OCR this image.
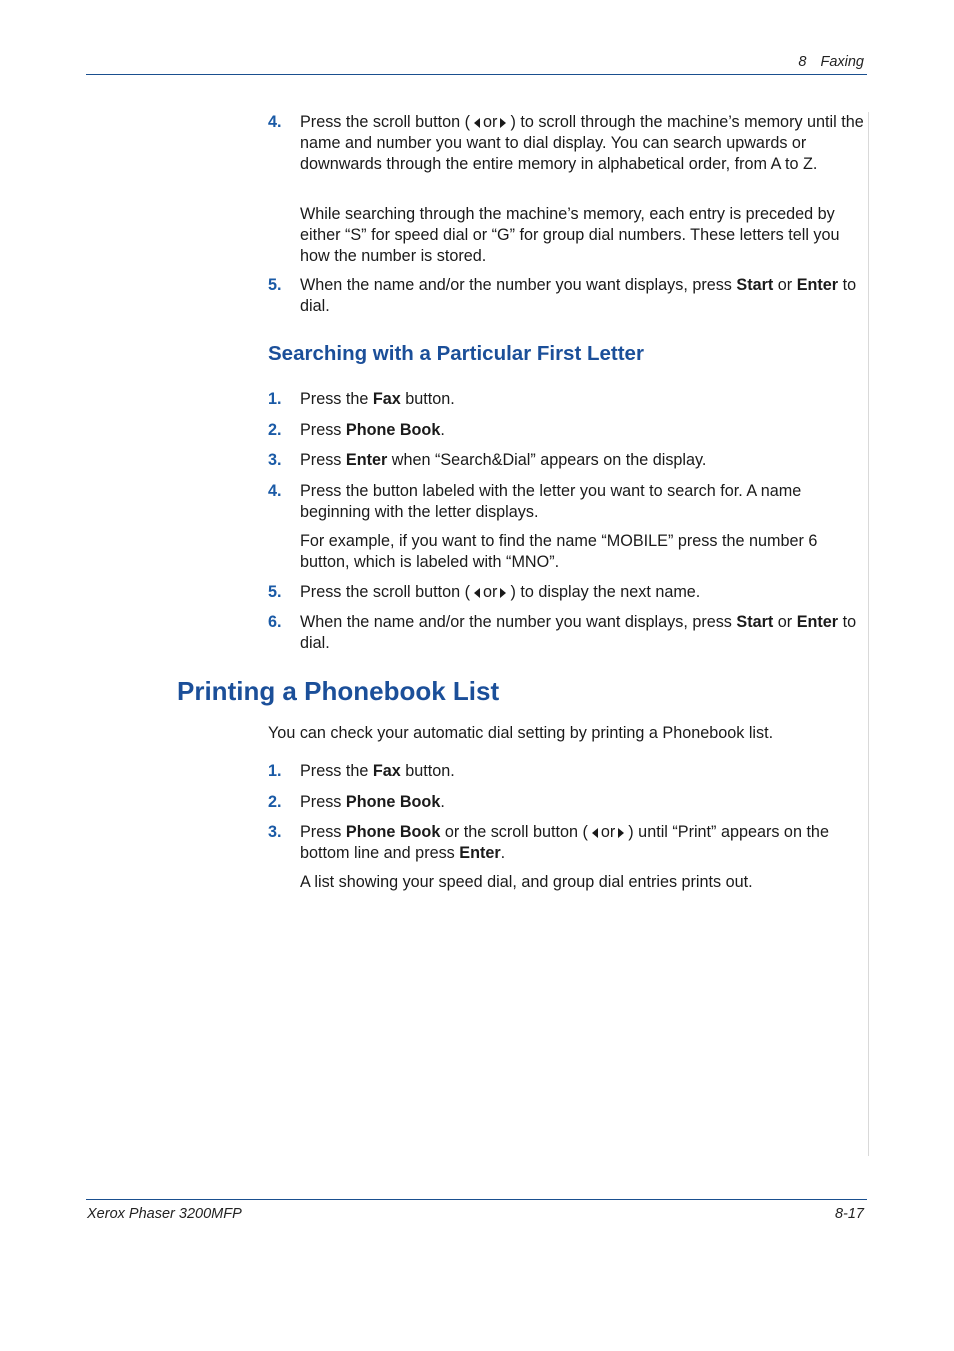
8 Faxing
4.	Press the scroll button ( or ) to scroll through the machine’s memory until the name and number you want to dial display. You can search upwards or downwards through the entire memory in alphabetical order, from A to Z.
While searching through the machine’s memory, each entry is preceded by either “S” for speed dial or “G” for group dial numbers. These letters tell you how the number is stored.
5.	When the name and/or the number you want displays, press Start or Enter to dial.
Searching with a Particular First Letter
1.	Press the Fax button.
2.	Press Phone Book.
3.	Press Enter when “Search&Dial” appears on the display.
4.	Press the button labeled with the letter you want to search for. A name beginning with the letter displays.
For example, if you want to find the name “MOBILE” press the number 6 button, which is labeled with “MNO”.
5.	Press the scroll button ( or ) to display the next name.
6.	When the name and/or the number you want displays, press Start or Enter to dial.
Printing a Phonebook List
You can check your automatic dial setting by printing a Phonebook list.
1.	Press the Fax button.
2.	Press Phone Book.
3.	Press Phone Book or the scroll button ( or ) until “Print” appears on the bottom line and press Enter.
A list showing your speed dial, and group dial entries prints out.
Xerox Phaser 3200MFP	8-17
